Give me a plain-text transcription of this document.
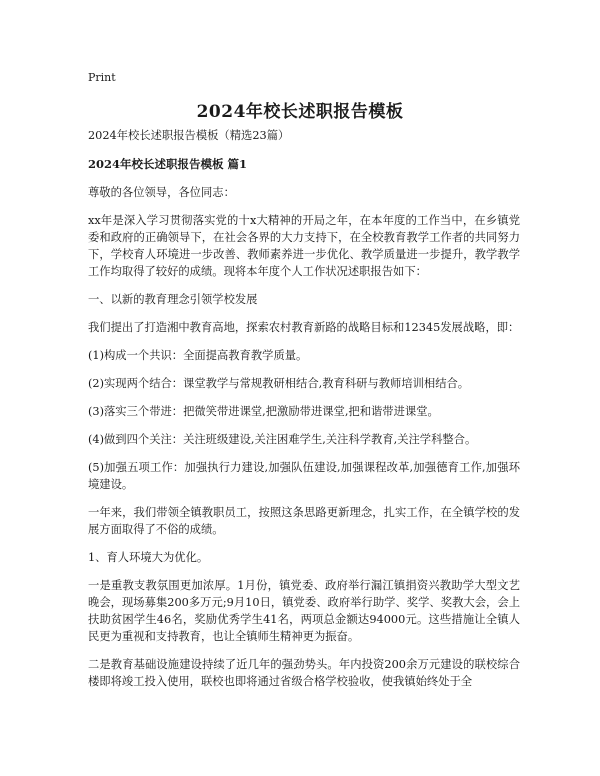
Print
2024年校长述职报告模板

2024年校长述职报告模板（精选23篇）

2024年校长述职报告模板 篇1

尊敬的各位领导，各位同志：

xx年是深入学习贯彻落实党的十x大精神的开局之年，在本年度的工作当中，在乡镇党委和政府的正确领导下，在社会各界的大力支持下，在全校教育教学工作者的共同努力下，学校育人环境进一步改善、教师素养进一步优化、教学质量进一步提升，教学教学工作均取得了较好的成绩。现将本年度个人工作状况述职报告如下：

一、以新的教育理念引领学校发展

我们提出了打造湘中教育高地，探索农村教育新路的战略目标和12345发展战略，即：

(1)构成一个共识：全面提高教育教学质量。

(2)实现两个结合：课堂教学与常规教研相结合,教育科研与教师培训相结合。

(3)落实三个带进：把微笑带进课堂,把激励带进课堂,把和谐带进课堂。

(4)做到四个关注：关注班级建设,关注困难学生,关注科学教育,关注学科整合。

(5)加强五项工作：加强执行力建设,加强队伍建设,加强课程改革,加强德育工作,加强环境建设。

一年来，我们带领全镇教职员工，按照这条思路更新理念，扎实工作，在全镇学校的发展方面取得了不俗的成绩。

1、育人环境大为优化。

一是重教支教氛围更加浓厚。1月份，镇党委、政府举行漏江镇捐资兴教助学大型文艺晚会，现场募集200多万元;9月10日，镇党委、政府举行助学、奖学、奖教大会，会上扶助贫困学生46名，奖励优秀学生41名，两项总金额达94000元。这些措施让全镇人民更为重视和支持教育，也让全镇师生精神更为振奋。

二是教育基础设施建设持续了近几年的强劲势头。年内投资200余万元建设的联校综合楼即将竣工投入使用，联校也即将通过省级合格学校验收，使我镇始终处于全
